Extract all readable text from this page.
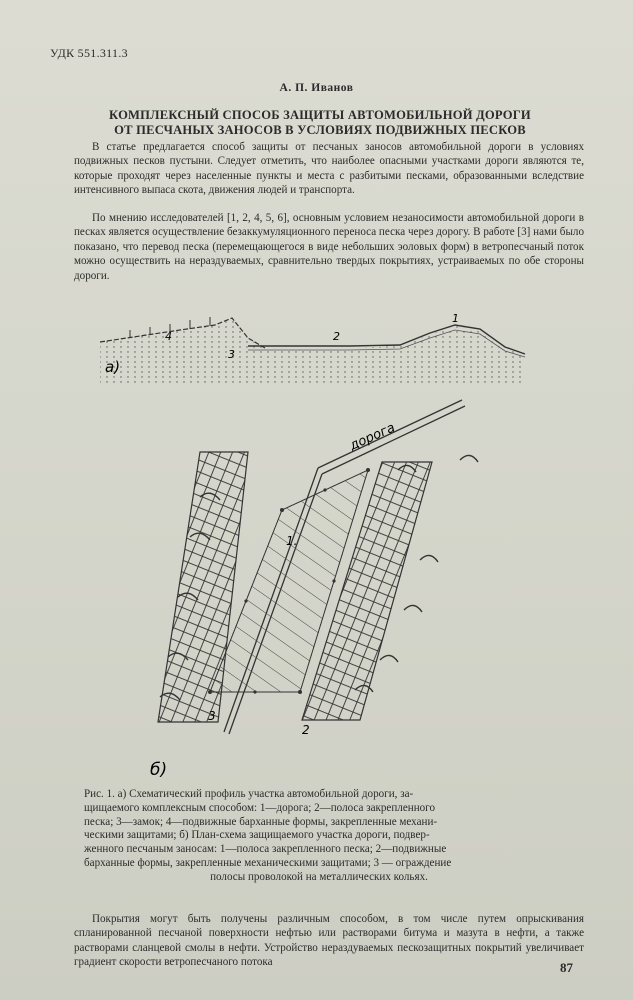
УДК 551.311.3
А. П. Иванов
КОМПЛЕКСНЫЙ СПОСОБ ЗАЩИТЫ АВТОМОБИЛЬНОЙ ДОРОГИ
ОТ ПЕСЧАНЫХ ЗАНОСОВ В УСЛОВИЯХ ПОДВИЖНЫХ ПЕСКОВ

В статье предлагается способ защиты от песчаных заносов автомобильной дороги в условиях подвижных песков пустыни. Следует отметить, что наиболее опасными участками дороги являются те, которые проходят через населенные пункты и места с разбитыми песками, образованными вследствие интенсивного выпаса скота, движения людей и транспорта.

По мнению исследователей [1, 2, 4, 5, 6], основным условием незаносимости автомобильной дороги в песках является осуществление безаккумуляционного переноса песка через дорогу. В работе [3] нами было показано, что перевод песка (перемещающегося в виде небольших эоловых форм) в ветропесчаный поток можно осуществить на нераздуваемых, сравнительно твердых покрытиях, устраиваемых по обе стороны дороги.

а)
4
3
2
1
дорога
1.
3
2
б)

Рис. 1. а) Схематический профиль участка автомобильной дороги, за-

щищаемого комплексным способом: 1—дорога; 2—полоса закрепленного

песка; 3—замок; 4—подвижные барханные формы, закрепленные механи-

ческими защитами; б) План-схема защищаемого участка дороги, подвер-

женного песчаным заносам: 1—полоса закрепленного песка; 2—подвижные

барханные формы, закрепленные механическими защитами; 3 — ограждение

полосы проволокой на металлических кольях.

Покрытия могут быть получены различным способом, в том числе путем опрыскивания спланированной песчаной поверхности нефтью или растворами битума и мазута в нефти, а также растворами сланцевой смолы в нефти. Устройство нераздуваемых пескозащитных покрытий увеличивает градиент скорости ветропесчаного потока	87
